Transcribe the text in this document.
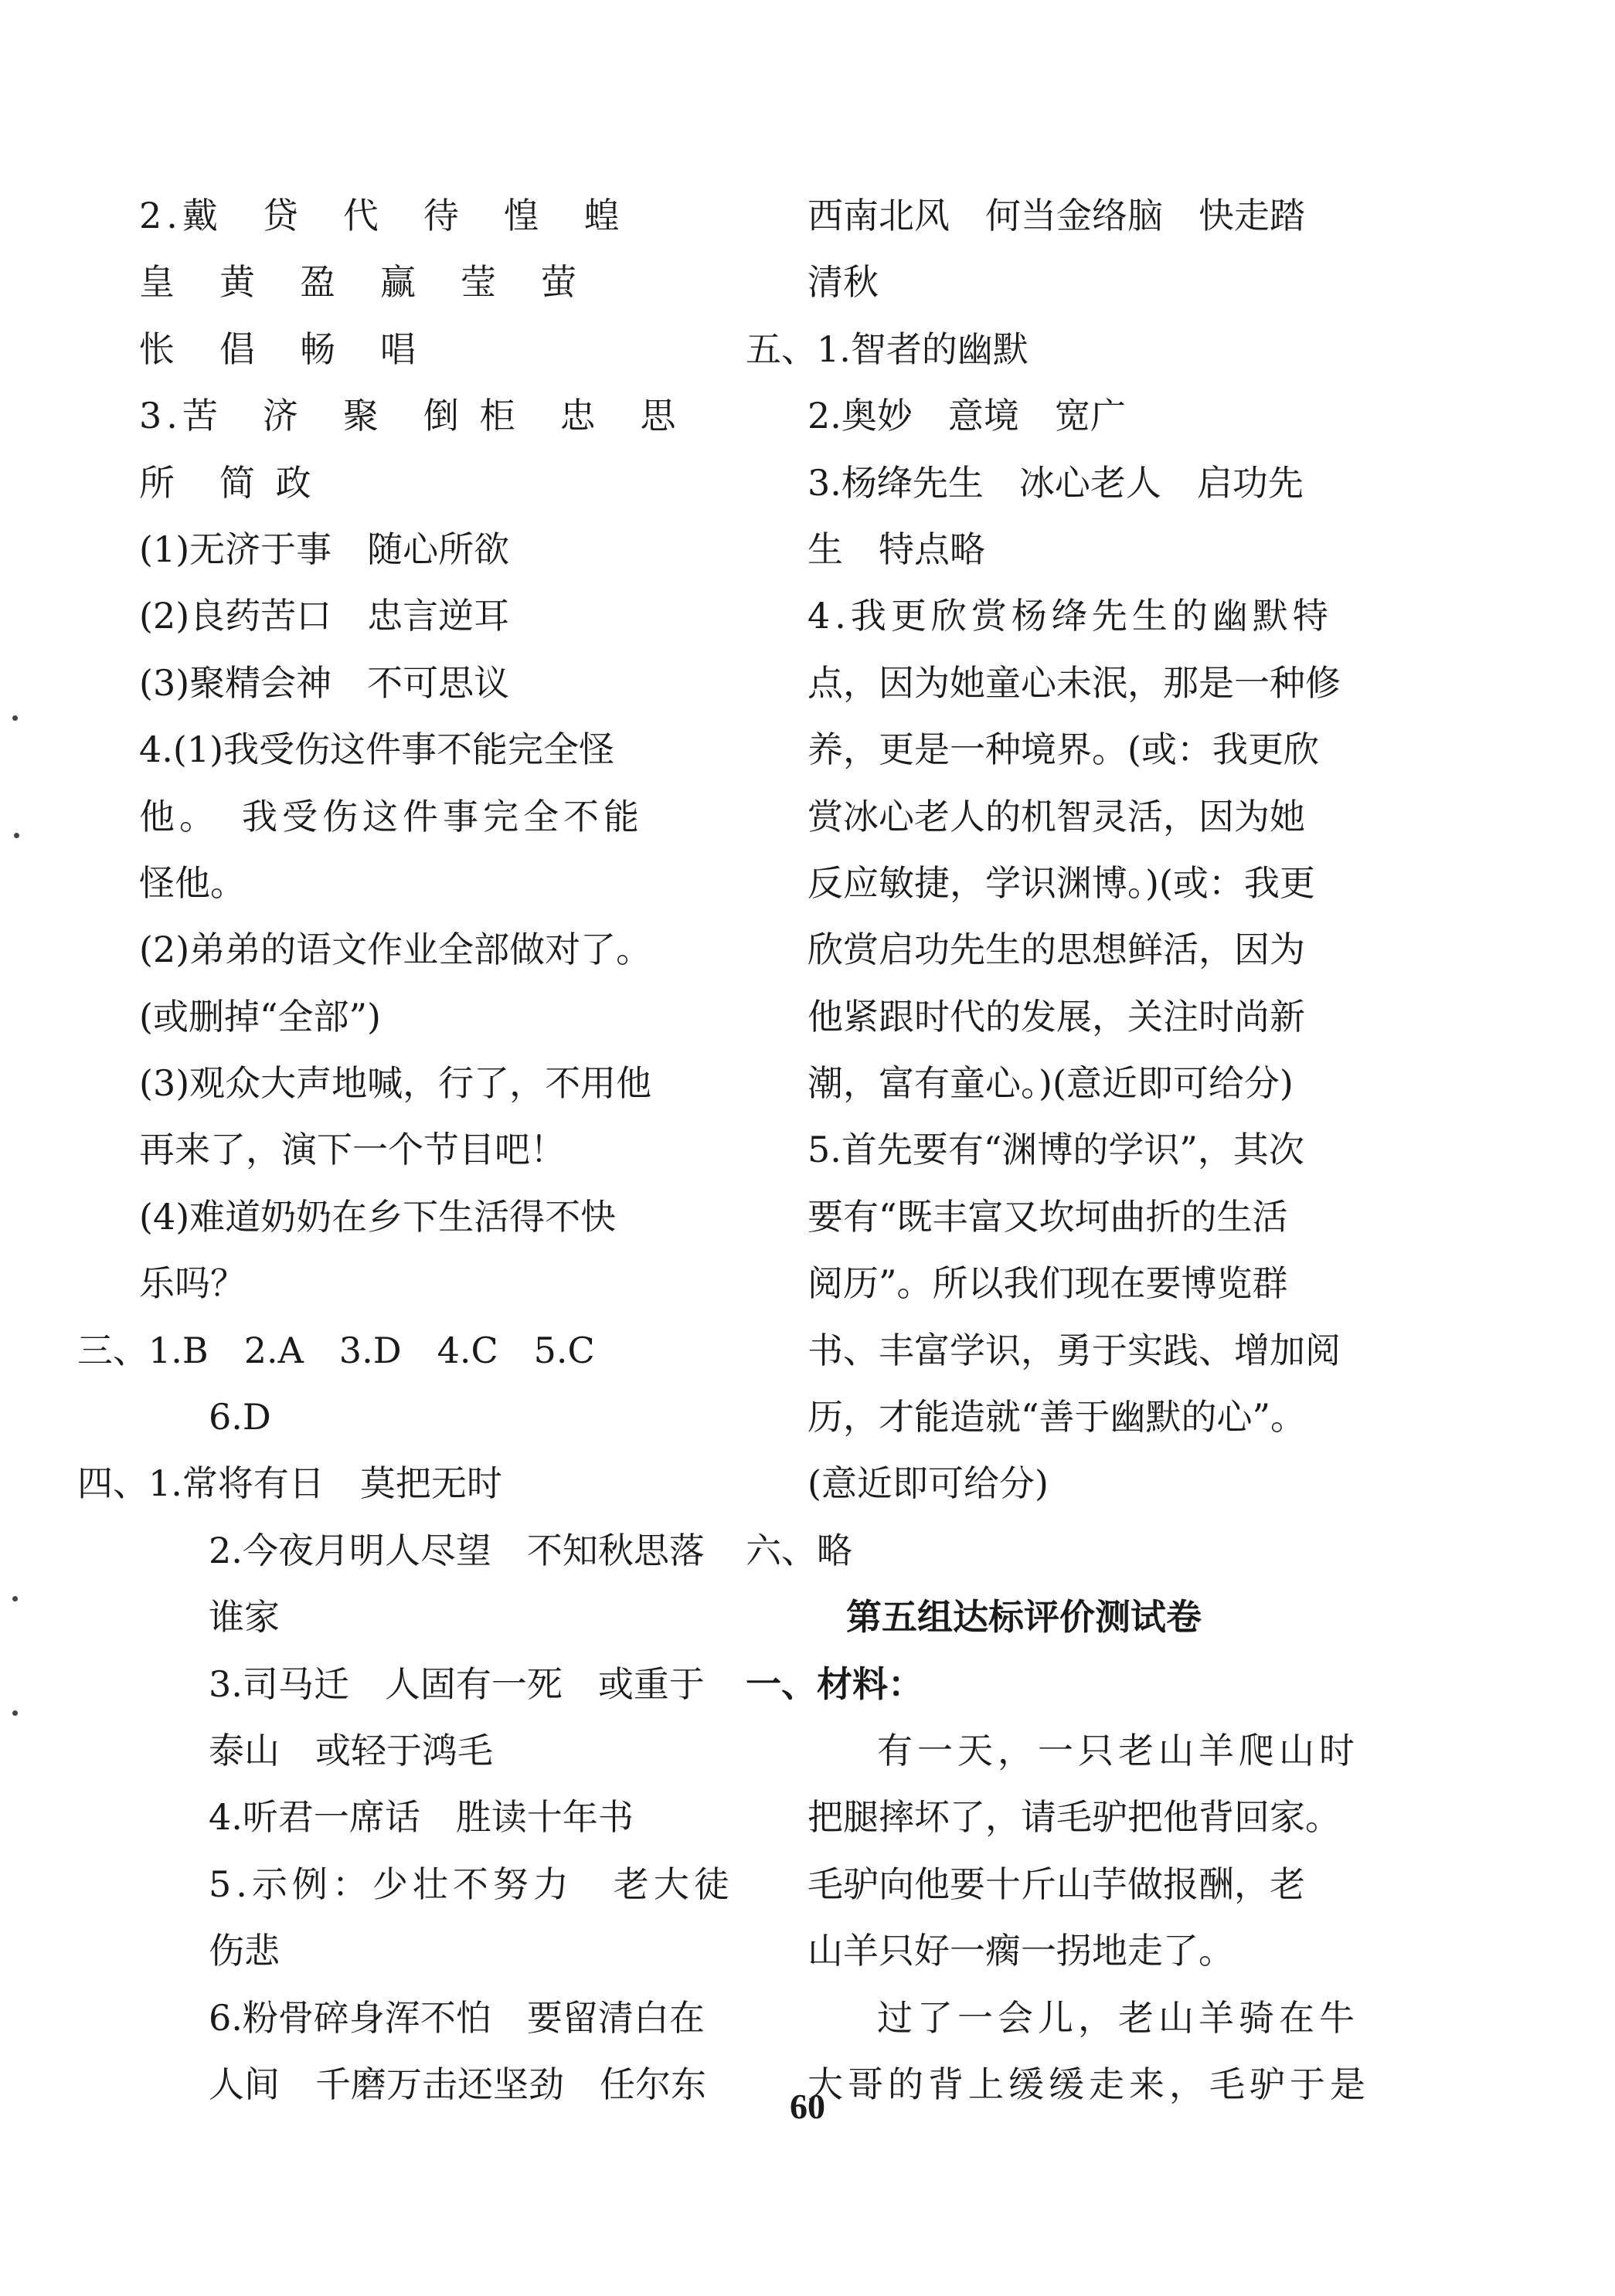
2.戴　贷　代　待　惶　蝗
皇　黄　盈　赢　莹　萤
怅　倡　畅　唱
3.苦　济　聚　倒 柜　忠　思
所　简 政
(1)无济于事　随心所欲
(2)良药苦口　忠言逆耳
(3)聚精会神　不可思议
4.(1)我受伤这件事不能完全怪
他。　我受伤这件事完全不能
怪他。
(2)弟弟的语文作业全部做对了。
(或删掉“全部”)
(3)观众大声地喊，行了，不用他
再来了，演下一个节目吧！
(4)难道奶奶在乡下生活得不快
乐吗？
三、1.B　2.A　3.D　4.C　5.C
6.D
四、1.常将有日　莫把无时
2.今夜月明人尽望　不知秋思落
谁家
3.司马迁　人固有一死　或重于
泰山　或轻于鸿毛
4.听君一席话　胜读十年书
5.示例：少壮不努力　老大徒
伤悲
6.粉骨碎身浑不怕　要留清白在
人间　千磨万击还坚劲　任尔东
西南北风　何当金络脑　快走踏
清秋
五、1.智者的幽默
2.奥妙　意境　宽广
3.杨绛先生　冰心老人　启功先
生　特点略
4.我更欣赏杨绛先生的幽默特
点，因为她童心未泯，那是一种修
养，更是一种境界。(或：我更欣
赏冰心老人的机智灵活，因为她
反应敏捷，学识渊博。)(或：我更
欣赏启功先生的思想鲜活，因为
他紧跟时代的发展，关注时尚新
潮，富有童心。)(意近即可给分)
5.首先要有“渊博的学识”，其次
要有“既丰富又坎坷曲折的生活
阅历”。所以我们现在要博览群
书、丰富学识，勇于实践、增加阅
历，才能造就“善于幽默的心”。
(意近即可给分)
六、略
第五组达标评价测试卷
一、材料：
有一天，一只老山羊爬山时
把腿摔坏了，请毛驴把他背回家。
毛驴向他要十斤山芋做报酬，老
山羊只好一瘸一拐地走了。
过了一会儿，老山羊骑在牛
大哥的背上缓缓走来，毛驴于是
60
